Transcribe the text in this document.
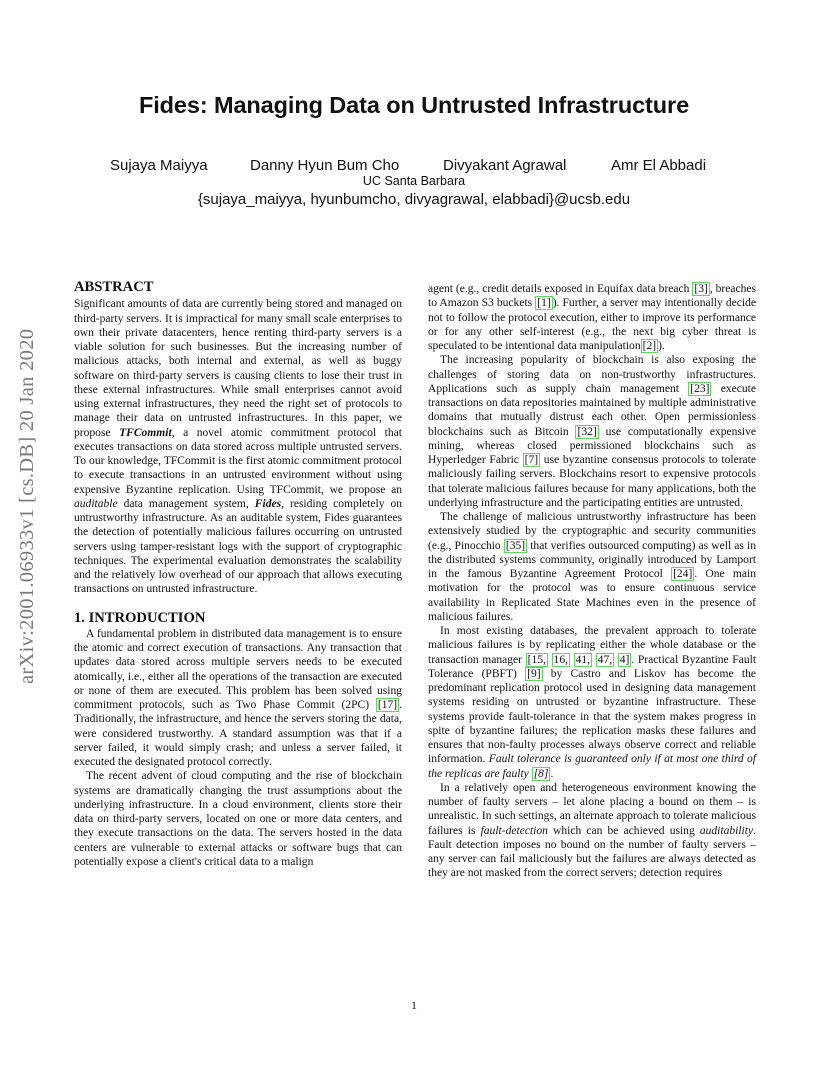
Fides: Managing Data on Untrusted Infrastructure
Sujaya Maiyya	Danny Hyun Bum Cho	Divyakant Agrawal	Amr El Abbadi
UC Santa Barbara
{sujaya_maiyya, hyunbumcho, divyagrawal, elabbadi}@ucsb.edu
arXiv:2001.06933v1 [cs.DB] 20 Jan 2020
ABSTRACT

Significant amounts of data are currently being stored and managed on third-party servers. It is impractical for many small scale enterprises to own their private datacenters, hence renting third-party servers is a viable solution for such businesses. But the increasing number of malicious attacks, both internal and external, as well as buggy software on third-party servers is causing clients to lose their trust in these external infrastructures. While small enterprises cannot avoid using external infrastructures, they need the right set of protocols to manage their data on untrusted infrastructures. In this paper, we propose TFCommit, a novel atomic commitment protocol that executes transactions on data stored across multiple untrusted servers. To our knowledge, TFCommit is the first atomic commitment protocol to execute transactions in an untrusted environment without using expensive Byzantine replication. Using TFCommit, we propose an auditable data management system, Fides, residing completely on untrustworthy infrastructure. As an auditable system, Fides guarantees the detection of potentially malicious failures occurring on untrusted servers using tamper-resistant logs with the support of cryptographic techniques. The experimental evaluation demonstrates the scalability and the relatively low overhead of our approach that allows executing transactions on untrusted infrastructure.

1. INTRODUCTION

A fundamental problem in distributed data management is to ensure the atomic and correct execution of transactions. Any transaction that updates data stored across multiple servers needs to be executed atomically, i.e., either all the operations of the transaction are executed or none of them are executed. This problem has been solved using commitment protocols, such as Two Phase Commit (2PC) [17] . Traditionally, the infrastructure, and hence the servers storing the data, were considered trustworthy. A standard assumption was that if a server failed, it would simply crash; and unless a server failed, it executed the designated protocol correctly.

The recent advent of cloud computing and the rise of blockchain systems are dramatically changing the trust assumptions about the underlying infrastructure. In a cloud environment, clients store their data on third-party servers, located on one or more data centers, and they execute transactions on the data. The servers hosted in the data centers are vulnerable to external attacks or software bugs that can potentially expose a client's critical data to a malign

agent (e.g., credit details exposed in Equifax data breach [3] , breaches to Amazon S3 buckets [1] ). Further, a server may intentionally decide not to follow the protocol execution, either to improve its performance or for any other self-interest (e.g., the next big cyber threat is speculated to be intentional data manipulation [2] ).

The increasing popularity of blockchain is also exposing the challenges of storing data on non-trustworthy infrastructures. Applications such as supply chain management [23] execute transactions on data repositories maintained by multiple administrative domains that mutually distrust each other. Open permissionless blockchains such as Bitcoin [32] use computationally expensive mining, whereas closed permissioned blockchains such as Hyperledger Fabric [7] use byzantine consensus protocols to tolerate maliciously failing servers. Blockchains resort to expensive protocols that tolerate malicious failures because for many applications, both the underlying infrastructure and the participating entities are untrusted.

The challenge of malicious untrustworthy infrastructure has been extensively studied by the cryptographic and security communities (e.g., Pinocchio [35] that verifies outsourced computing) as well as in the distributed systems community, originally introduced by Lamport in the famous Byzantine Agreement Protocol [24] . One main motivation for the protocol was to ensure continuous service availability in Replicated State Machines even in the presence of malicious failures.

In most existing databases, the prevalent approach to tolerate malicious failures is by replicating either the whole database or the transaction manager [15, 16, 41, 47, 4] . Practical Byzantine Fault Tolerance (PBFT) [9] by Castro and Liskov has become the predominant replication protocol used in designing data management systems residing on untrusted or byzantine infrastructure. These systems provide fault-tolerance in that the system makes progress in spite of byzantine failures; the replication masks these failures and ensures that non-faulty processes always observe correct and reliable information. Fault tolerance is guaranteed only if at most one third of the replicas are faulty [8] .

In a relatively open and heterogeneous environment knowing the number of faulty servers – let alone placing a bound on them – is unrealistic. In such settings, an alternate approach to tolerate malicious failures is fault-detection which can be achieved using auditability. Fault detection imposes no bound on the number of faulty servers – any server can fail maliciously but the failures are always detected as they are not masked from the correct servers; detection requires

1
